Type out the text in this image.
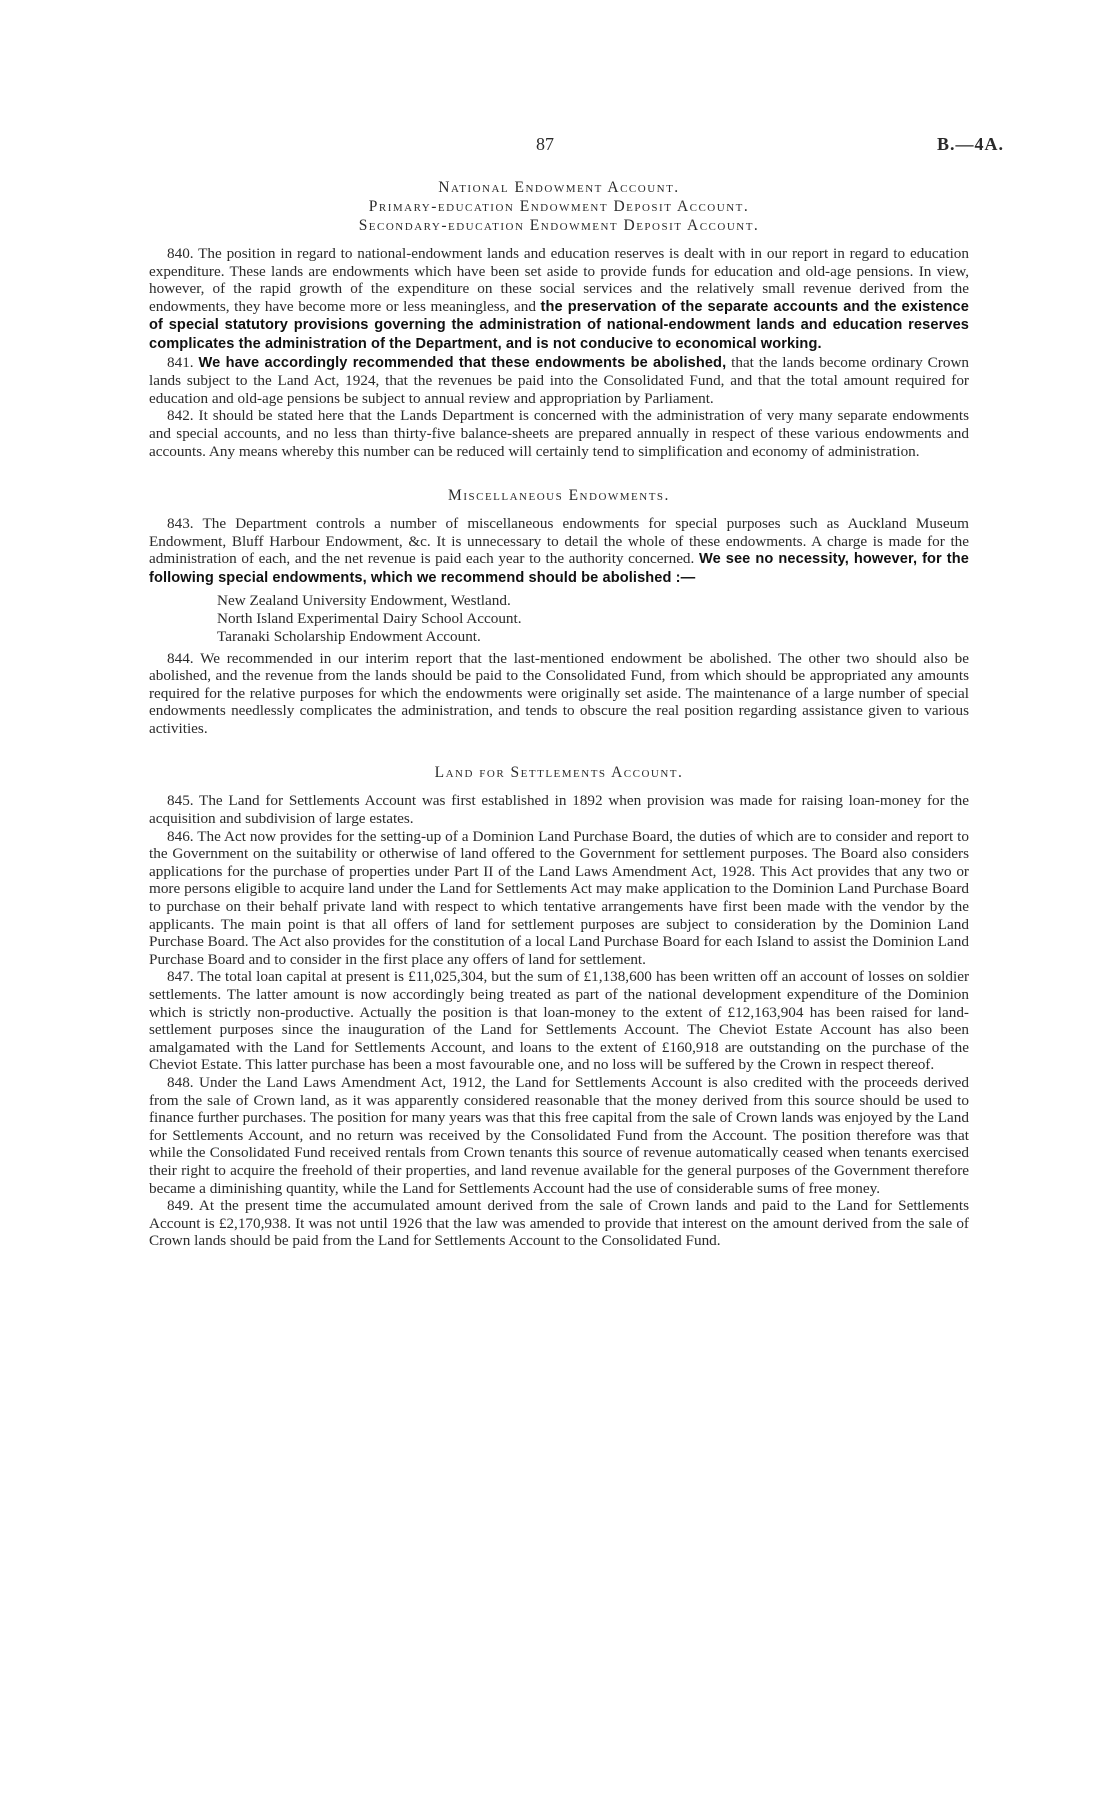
87	B.—4A.

National Endowment Account.

Primary-education Endowment Deposit Account.

Secondary-education Endowment Deposit Account.

840. The position in regard to national-endowment lands and education reserves is dealt with in our report in regard to education expenditure. These lands are endowments which have been set aside to provide funds for education and old-age pensions. In view, however, of the rapid growth of the expenditure on these social services and the relatively small revenue derived from the endowments, they have become more or less meaningless, and the preservation of the separate accounts and the existence of special statutory provisions governing the administration of national-endowment lands and education reserves complicates the administration of the Department, and is not conducive to economical working.

841. We have accordingly recommended that these endowments be abolished, that the lands become ordinary Crown lands subject to the Land Act, 1924, that the revenues be paid into the Consolidated Fund, and that the total amount required for education and old-age pensions be subject to annual review and appropriation by Parliament.

842. It should be stated here that the Lands Department is concerned with the administration of very many separate endowments and special accounts, and no less than thirty-five balance-sheets are prepared annually in respect of these various endowments and accounts. Any means whereby this number can be reduced will certainly tend to simplification and economy of administration.

Miscellaneous Endowments.

843. The Department controls a number of miscellaneous endowments for special purposes such as Auckland Museum Endowment, Bluff Harbour Endowment, &c. It is unnecessary to detail the whole of these endowments. A charge is made for the administration of each, and the net revenue is paid each year to the authority concerned. We see no necessity, however, for the following special endowments, which we recommend should be abolished :—

New Zealand University Endowment, Westland.
North Island Experimental Dairy School Account.
Taranaki Scholarship Endowment Account.

844. We recommended in our interim report that the last-mentioned endowment be abolished. The other two should also be abolished, and the revenue from the lands should be paid to the Consolidated Fund, from which should be appropriated any amounts required for the relative purposes for which the endowments were originally set aside. The maintenance of a large number of special endowments needlessly complicates the administration, and tends to obscure the real position regarding assistance given to various activities.

Land for Settlements Account.

845. The Land for Settlements Account was first established in 1892 when provision was made for raising loan-money for the acquisition and subdivision of large estates.

846. The Act now provides for the setting-up of a Dominion Land Purchase Board, the duties of which are to consider and report to the Government on the suitability or otherwise of land offered to the Government for settlement purposes. The Board also considers applications for the purchase of properties under Part II of the Land Laws Amendment Act, 1928. This Act provides that any two or more persons eligible to acquire land under the Land for Settlements Act may make application to the Dominion Land Purchase Board to purchase on their behalf private land with respect to which tentative arrangements have first been made with the vendor by the applicants. The main point is that all offers of land for settlement purposes are subject to consideration by the Dominion Land Purchase Board. The Act also provides for the constitution of a local Land Purchase Board for each Island to assist the Dominion Land Purchase Board and to consider in the first place any offers of land for settlement.

847. The total loan capital at present is £11,025,304, but the sum of £1,138,600 has been written off an account of losses on soldier settlements. The latter amount is now accordingly being treated as part of the national development expenditure of the Dominion which is strictly non-productive. Actually the position is that loan-money to the extent of £12,163,904 has been raised for land-settlement purposes since the inauguration of the Land for Settlements Account. The Cheviot Estate Account has also been amalgamated with the Land for Settlements Account, and loans to the extent of £160,918 are outstanding on the purchase of the Cheviot Estate. This latter purchase has been a most favourable one, and no loss will be suffered by the Crown in respect thereof.

848. Under the Land Laws Amendment Act, 1912, the Land for Settlements Account is also credited with the proceeds derived from the sale of Crown land, as it was apparently considered reasonable that the money derived from this source should be used to finance further purchases. The position for many years was that this free capital from the sale of Crown lands was enjoyed by the Land for Settlements Account, and no return was received by the Consolidated Fund from the Account. The position therefore was that while the Consolidated Fund received rentals from Crown tenants this source of revenue automatically ceased when tenants exercised their right to acquire the freehold of their properties, and land revenue available for the general purposes of the Government therefore became a diminishing quantity, while the Land for Settlements Account had the use of considerable sums of free money.

849. At the present time the accumulated amount derived from the sale of Crown lands and paid to the Land for Settlements Account is £2,170,938. It was not until 1926 that the law was amended to provide that interest on the amount derived from the sale of Crown lands should be paid from the Land for Settlements Account to the Consolidated Fund.
